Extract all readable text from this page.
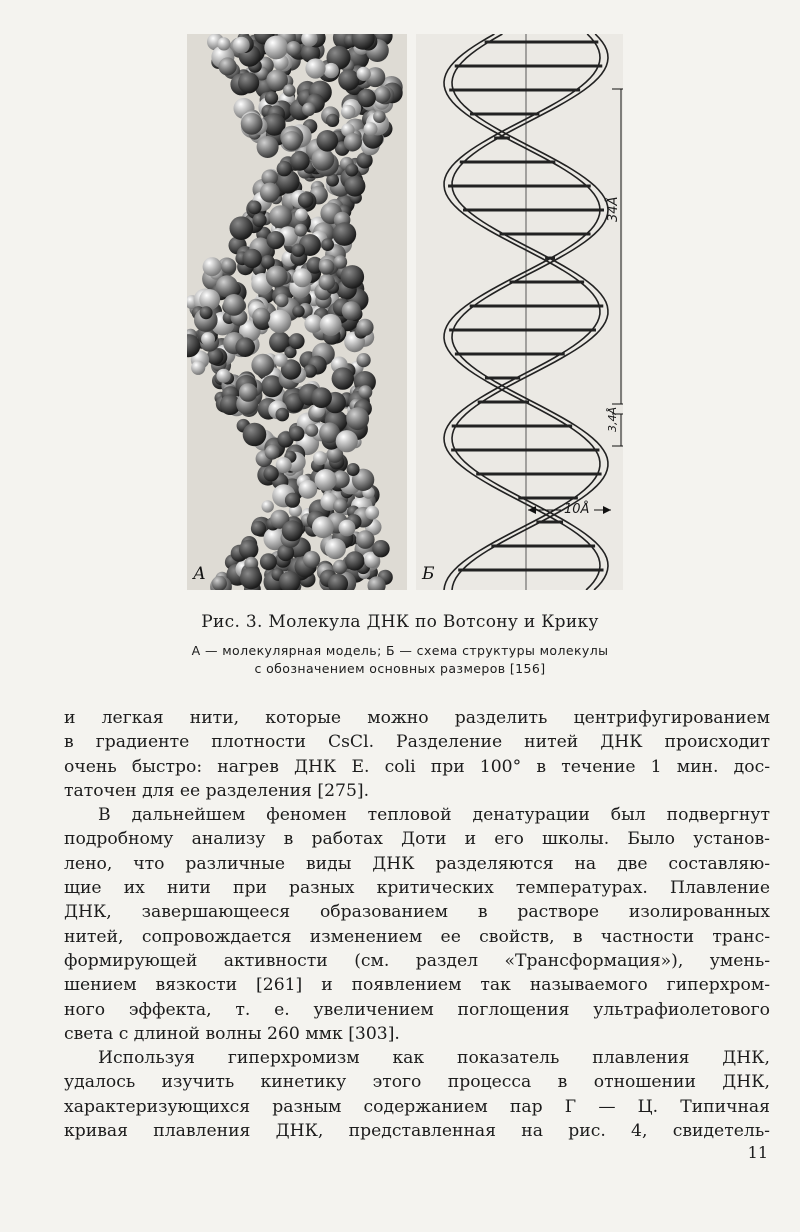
А	Б
34Å
3,4Å
10Å
Рис. 3. Молекула ДНК по Вотсону и Крику
А — молекулярная модель; Б — схема структуры молекулы
с обозначением основных размеров [156]
и легкая нити, которые можно разделить центрифугированием
в градиенте плотности CsCl. Разделение нитей ДНК происходит
очень быстро: нагрев ДНК E. coli при 100° в течение 1 мин. дос-
таточен для ее разделения [275].
В дальнейшем феномен тепловой денатурации был подвергнут
подробному анализу в работах Доти и его школы. Было установ-
лено, что различные виды ДНК разделяются на две составляю-
щие их нити при разных критических температурах. Плавление
ДНК, завершающееся образованием в растворе изолированных
нитей, сопровождается изменением ее свойств, в частности транс-
формирующей активности (см. раздел «Трансформация»), умень-
шением вязкости [261] и появлением так называемого гиперхром-
ного эффекта, т. е. увеличением поглощения ультрафиолетового
света с длиной волны 260 ммк [303].
Используя гиперхромизм как показатель плавления ДНК,
удалось изучить кинетику этого процесса в отношении ДНК,
характеризующихся разным содержанием пар Г — Ц. Типичная
кривая плавления ДНК, представленная на рис. 4, свидетель-
11
